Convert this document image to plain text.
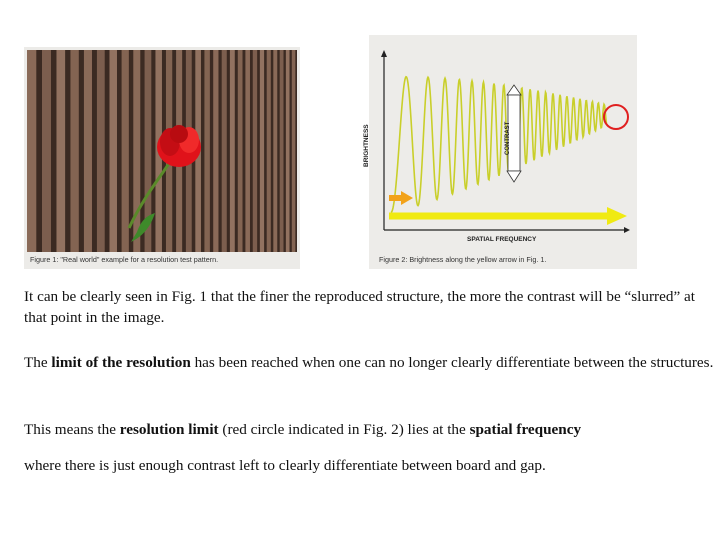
Figure 1: "Real world" example for a resolution test pattern.
BRIGHTNESS
SPATIAL FREQUENCY
CONTRAST
Figure 2: Brightness along the yellow arrow in Fig. 1.
It can be clearly seen in Fig. 1 that the finer the reproduced structure, the more the contrast will be “slurred” at that point in the image.
The limit of the resolution has been reached when one can no longer clearly differentiate between the structures.
This means the resolution limit (red circle indicated in Fig. 2) lies at the spatial frequency
where there is just enough contrast left to clearly differentiate between board and gap.
